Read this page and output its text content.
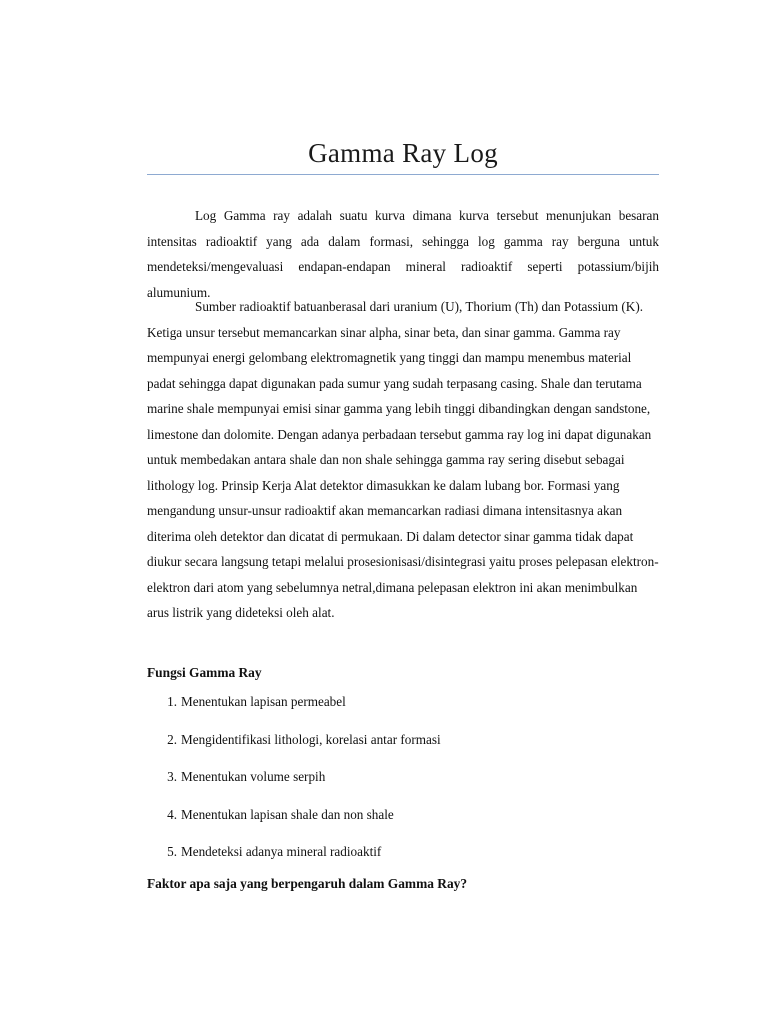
Gamma Ray Log

Log Gamma ray adalah suatu kurva dimana kurva tersebut menunjukan besaran intensitas radioaktif yang ada dalam formasi, sehingga log gamma ray berguna untuk mendeteksi/mengevaluasi endapan-endapan mineral radioaktif seperti potassium/bijih alumunium.

Sumber radioaktif batuanberasal dari uranium (U), Thorium (Th) dan Potassium (K). Ketiga unsur tersebut memancarkan sinar alpha, sinar beta, dan sinar gamma. Gamma ray mempunyai energi gelombang elektromagnetik yang tinggi dan mampu menembus material padat sehingga dapat digunakan pada sumur yang sudah terpasang casing. Shale dan terutama marine shale mempunyai emisi sinar gamma yang lebih tinggi dibandingkan dengan sandstone, limestone dan dolomite. Dengan adanya perbadaan tersebut gamma ray log ini dapat digunakan untuk membedakan antara shale dan non shale sehingga gamma ray sering disebut sebagai lithology log. Prinsip Kerja Alat detektor dimasukkan ke dalam lubang bor. Formasi yang mengandung unsur-unsur radioaktif akan memancarkan radiasi dimana intensitasnya akan diterima oleh detektor dan dicatat di permukaan. Di dalam detector sinar gamma tidak dapat diukur secara langsung tetapi melalui prosesionisasi/disintegrasi yaitu proses pelepasan elektron-elektron dari atom yang sebelumnya netral,dimana pelepasan elektron ini akan menimbulkan arus listrik yang dideteksi oleh alat.

Fungsi Gamma Ray
1. Menentukan lapisan permeabel
2. Mengidentifikasi lithologi, korelasi antar formasi
3. Menentukan volume serpih
4. Menentukan lapisan shale dan non shale
5. Mendeteksi adanya mineral radioaktif
Faktor apa saja yang berpengaruh dalam Gamma Ray?
